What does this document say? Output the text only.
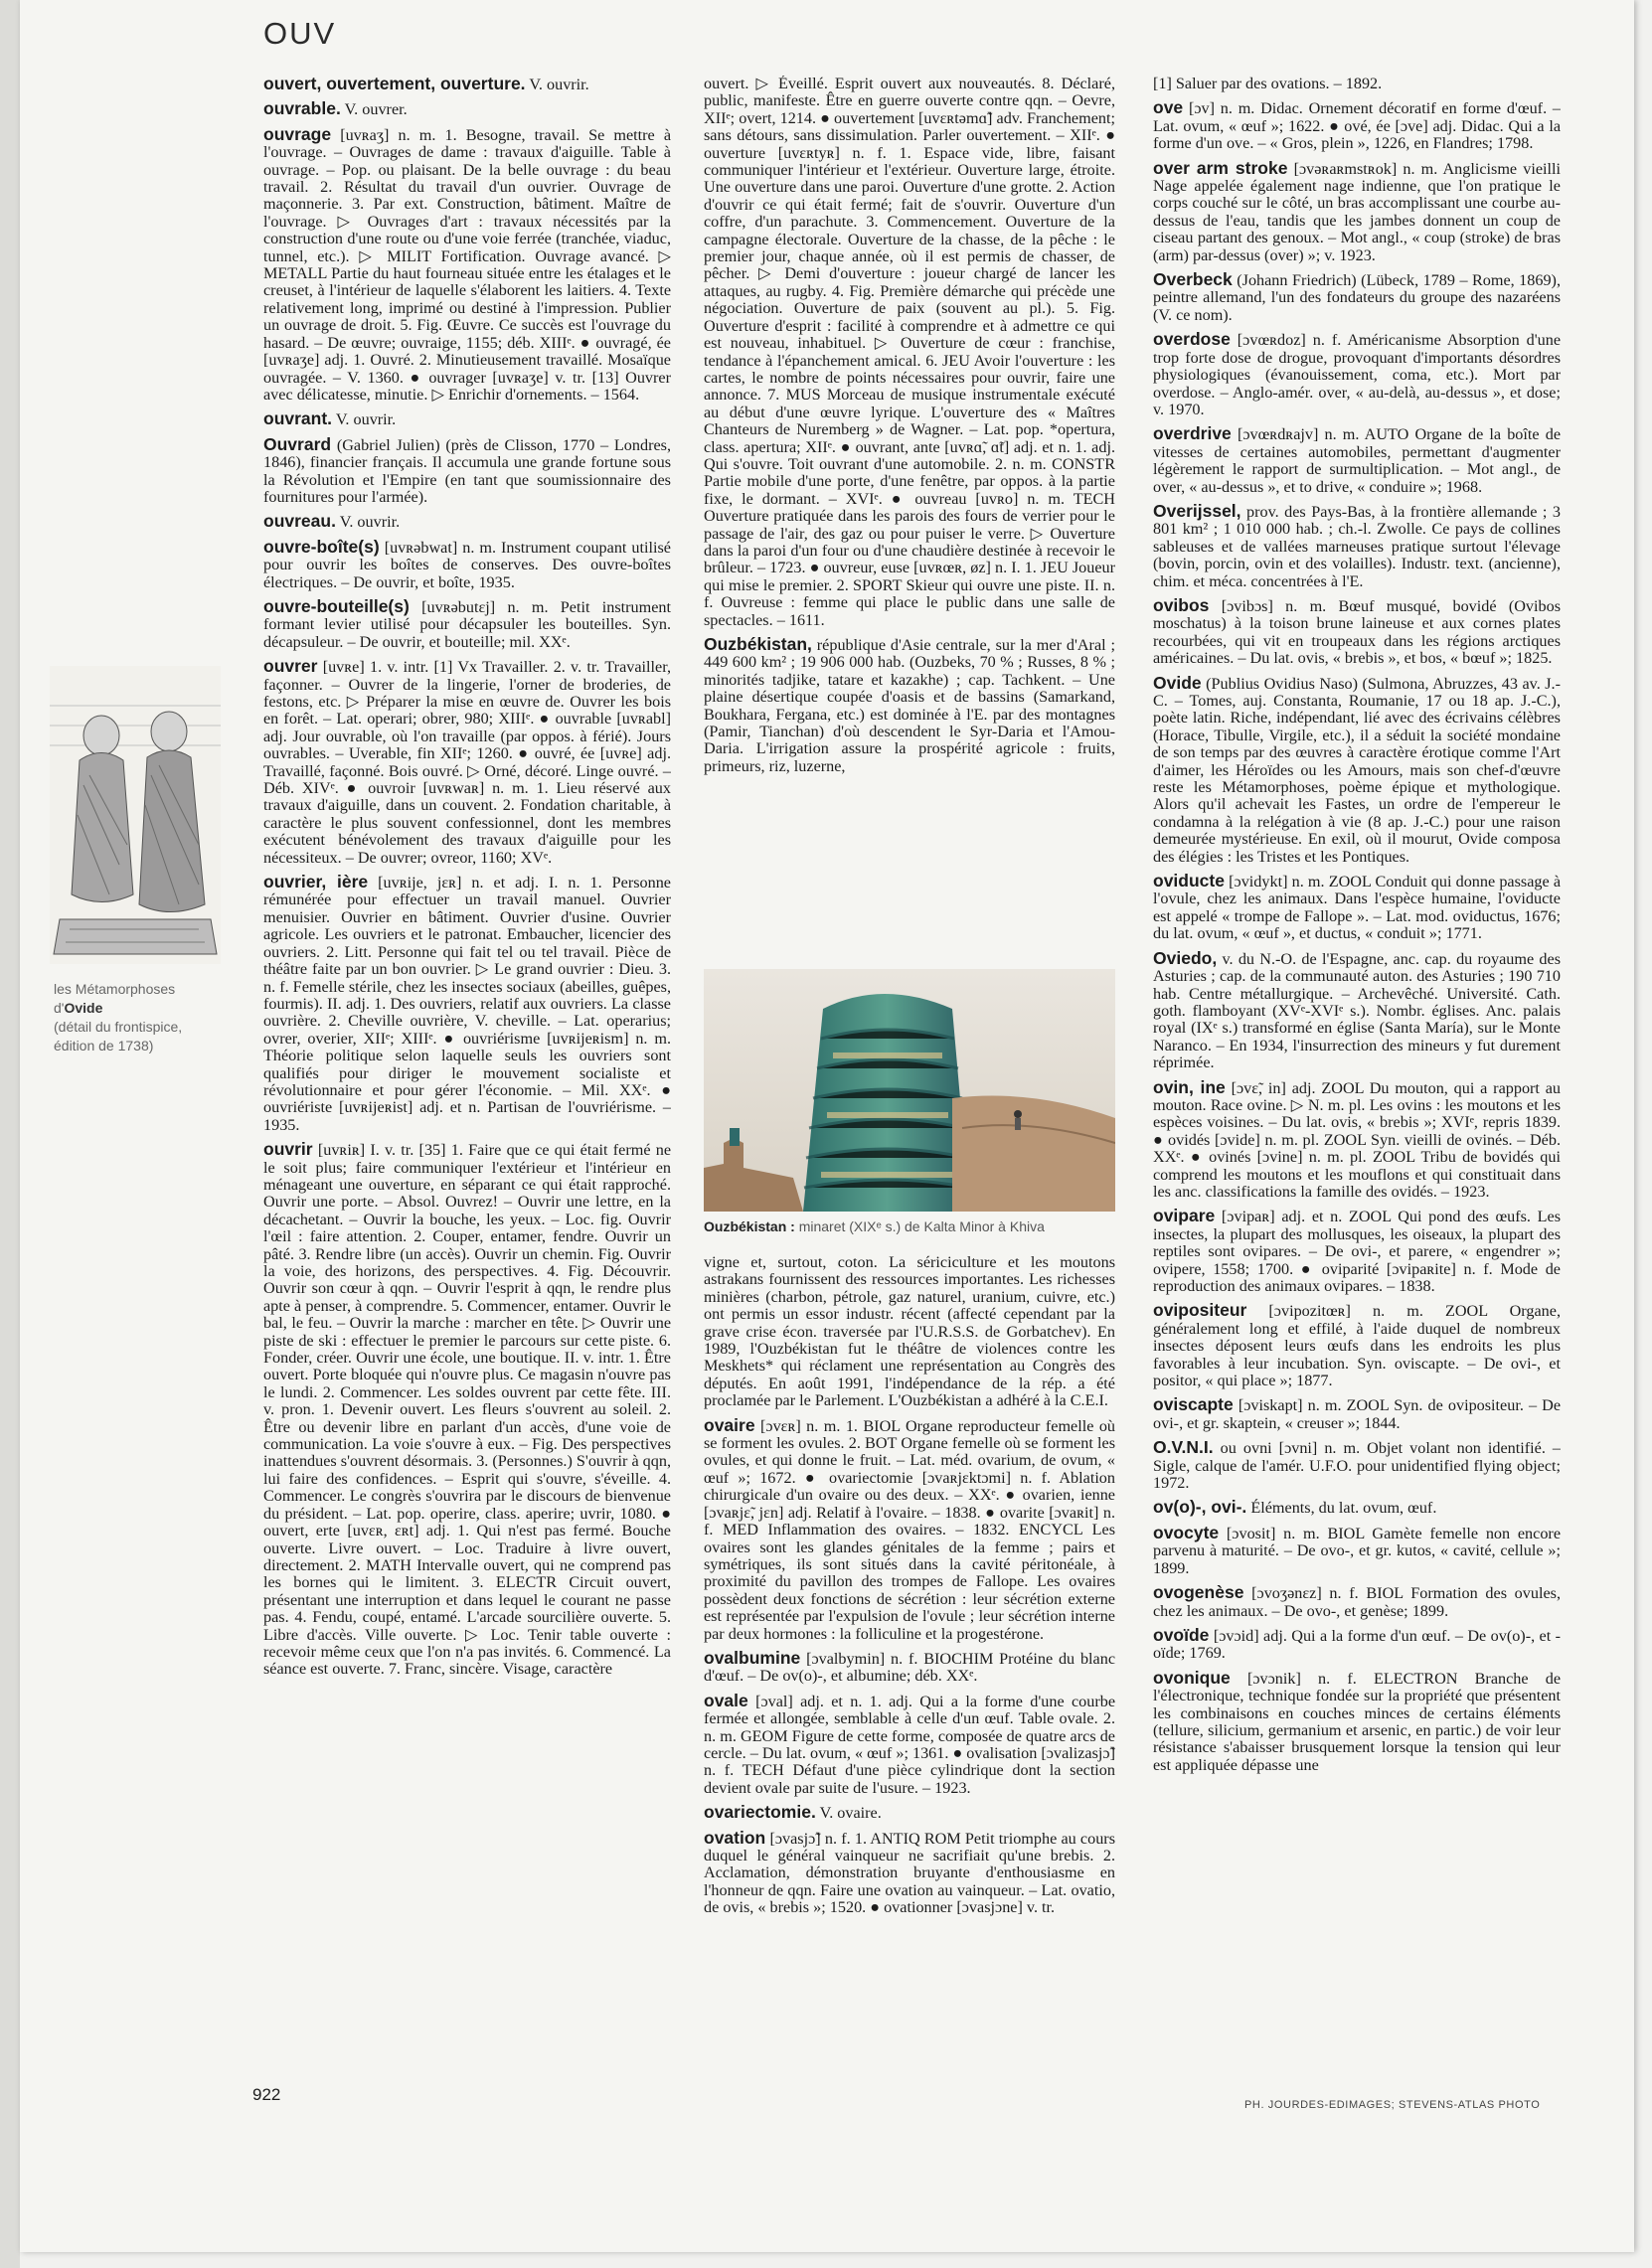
OUV
ouvert, ouvertement, ouverture. V. ouvrir.
ouvrable. V. ouvrer.
ouvrage [uvʀaʒ] n. m. 1. Besogne, travail. Se mettre à l'ouvrage. – Ouvrages de dame : travaux d'aiguille. Table à ouvrage. – Pop. ou plaisant. De la belle ouvrage : du beau travail. 2. Résultat du travail d'un ouvrier. Ouvrage de maçonnerie. 3. Par ext. Construction, bâtiment. Maître de l'ouvrage. ▷ Ouvrages d'art : travaux nécessités par la construction d'une route ou d'une voie ferrée (tranchée, viaduc, tunnel, etc.). ▷ MILIT Fortification. Ouvrage avancé. ▷ METALL Partie du haut fourneau située entre les étalages et le creuset, à l'intérieur de laquelle s'élaborent les laitiers. 4. Texte relativement long, imprimé ou destiné à l'impression. Publier un ouvrage de droit. 5. Fig. Œuvre. Ce succès est l'ouvrage du hasard. – De œuvre; ouvraige, 1155; déb. XIIIᵉ. ● ouvragé, ée [uvʀaʒe] adj. 1. Ouvré. 2. Minutieusement travaillé. Mosaïque ouvragée. – V. 1360. ● ouvrager [uvʀaʒe] v. tr. [13] Ouvrer avec délicatesse, minutie. ▷ Enrichir d'ornements. – 1564.
ouvrant. V. ouvrir.
Ouvrard (Gabriel Julien) (près de Clisson, 1770 – Londres, 1846), financier français. Il accumula une grande fortune sous la Révolution et l'Empire (en tant que soumissionnaire des fournitures pour l'armée).
ouvreau. V. ouvrir.
ouvre-boîte(s) [uvʀəbwat] n. m. Instrument coupant utilisé pour ouvrir les boîtes de conserves. Des ouvre-boîtes électriques. – De ouvrir, et boîte, 1935.
ouvre-bouteille(s) [uvʀəbutɛj] n. m. Petit instrument formant levier utilisé pour décapsuler les bouteilles. Syn. décapsuleur. – De ouvrir, et bouteille; mil. XXᵉ.
ouvrer [uvʀe] 1. v. intr. [1] Vx Travailler. 2. v. tr. Travailler, façonner. – Ouvrer de la lingerie, l'orner de broderies, de festons, etc. ▷ Préparer la mise en œuvre de. Ouvrer les bois en forêt. – Lat. operari; obrer, 980; XIIIᵉ. ● ouvrable [uvʀabl] adj. Jour ouvrable, où l'on travaille (par oppos. à férié). Jours ouvrables. – Uverable, fin XIIᵉ; 1260. ● ouvré, ée [uvʀe] adj. Travaillé, façonné. Bois ouvré. ▷ Orné, décoré. Linge ouvré. – Déb. XIVᵉ. ● ouvroir [uvʀwaʀ] n. m. 1. Lieu réservé aux travaux d'aiguille, dans un couvent. 2. Fondation charitable, à caractère le plus souvent confessionnel, dont les membres exécutent bénévolement des travaux d'aiguille pour les nécessiteux. – De ouvrer; ovreor, 1160; XVᵉ.
ouvrier, ière [uvʀije, jɛʀ] n. et adj. I. n. 1. Personne rémunérée pour effectuer un travail manuel. Ouvrier menuisier. Ouvrier en bâtiment. Ouvrier d'usine. Ouvrier agricole. Les ouvriers et le patronat. Embaucher, licencier des ouvriers. 2. Litt. Personne qui fait tel ou tel travail. Pièce de théâtre faite par un bon ouvrier. ▷ Le grand ouvrier : Dieu. 3. n. f. Femelle stérile, chez les insectes sociaux (abeilles, guêpes, fourmis). II. adj. 1. Des ouvriers, relatif aux ouvriers. La classe ouvrière. 2. Cheville ouvrière, V. cheville. – Lat. operarius; ovrer, overier, XIIᵉ; XIIIᵉ. ● ouvriérisme [uvʀijeʀism] n. m. Théorie politique selon laquelle seuls les ouvriers sont qualifiés pour diriger le mouvement socialiste et révolutionnaire et pour gérer l'économie. – Mil. XXᵉ. ● ouvriériste [uvʀijeʀist] adj. et n. Partisan de l'ouvriérisme. – 1935.
ouvrir [uvʀiʀ] I. v. tr. [35] 1. Faire que ce qui était fermé ne le soit plus; faire communiquer l'extérieur et l'intérieur en ménageant une ouverture, en séparant ce qui était rapproché. Ouvrir une porte. – Absol. Ouvrez! – Ouvrir une lettre, en la décachetant. – Ouvrir la bouche, les yeux. – Loc. fig. Ouvrir l'œil : faire attention. 2. Couper, entamer, fendre. Ouvrir un pâté. 3. Rendre libre (un accès). Ouvrir un chemin. Fig. Ouvrir la voie, des horizons, des perspectives. 4. Fig. Découvrir. Ouvrir son cœur à qqn. – Ouvrir l'esprit à qqn, le rendre plus apte à penser, à comprendre. 5. Commencer, entamer. Ouvrir le bal, le feu. – Ouvrir la marche : marcher en tête. ▷ Ouvrir une piste de ski : effectuer le premier le parcours sur cette piste. 6. Fonder, créer. Ouvrir une école, une boutique. II. v. intr. 1. Être ouvert. Porte bloquée qui n'ouvre plus. Ce magasin n'ouvre pas le lundi. 2. Commencer. Les soldes ouvrent par cette fête. III. v. pron. 1. Devenir ouvert. Les fleurs s'ouvrent au soleil. 2. Être ou devenir libre en parlant d'un accès, d'une voie de communication. La voie s'ouvre à eux. – Fig. Des perspectives inattendues s'ouvrent désormais. 3. (Personnes.) S'ouvrir à qqn, lui faire des confidences. – Esprit qui s'ouvre, s'éveille. 4. Commencer. Le congrès s'ouvrira par le discours de bienvenue du président. – Lat. pop. operire, class. aperire; uvrir, 1080. ● ouvert, erte [uvɛʀ, ɛʀt] adj. 1. Qui n'est pas fermé. Bouche ouverte. Livre ouvert. – Loc. Traduire à livre ouvert, directement. 2. MATH Intervalle ouvert, qui ne comprend pas les bornes qui le limitent. 3. ELECTR Circuit ouvert, présentant une interruption et dans lequel le courant ne passe pas. 4. Fendu, coupé, entamé. L'arcade sourcilière ouverte. 5. Libre d'accès. Ville ouverte. ▷ Loc. Tenir table ouverte : recevoir même ceux que l'on n'a pas invités. 6. Commencé. La séance est ouverte. 7. Franc, sincère. Visage, caractère
ouvert. ▷ Éveillé. Esprit ouvert aux nouveautés. 8. Déclaré, public, manifeste. Être en guerre ouverte contre qqn. – Oevre, XIIᵉ; overt, 1214. ● ouvertement [uvɛʀtəmɑ̃] adv. Franchement; sans détours, sans dissimulation. Parler ouvertement. – XIIᵉ. ● ouverture [uvɛʀtyʀ] n. f. 1. Espace vide, libre, faisant communiquer l'intérieur et l'extérieur. Ouverture large, étroite. Une ouverture dans une paroi. Ouverture d'une grotte. 2. Action d'ouvrir ce qui était fermé; fait de s'ouvrir. Ouverture d'un coffre, d'un parachute. 3. Commencement. Ouverture de la campagne électorale. Ouverture de la chasse, de la pêche : le premier jour, chaque année, où il est permis de chasser, de pêcher. ▷ Demi d'ouverture : joueur chargé de lancer les attaques, au rugby. 4. Fig. Première démarche qui précède une négociation. Ouverture de paix (souvent au pl.). 5. Fig. Ouverture d'esprit : facilité à comprendre et à admettre ce qui est nouveau, inhabituel. ▷ Ouverture de cœur : franchise, tendance à l'épanchement amical. 6. JEU Avoir l'ouverture : les cartes, le nombre de points nécessaires pour ouvrir, faire une annonce. 7. MUS Morceau de musique instrumentale exécuté au début d'une œuvre lyrique. L'ouverture des « Maîtres Chanteurs de Nuremberg » de Wagner. – Lat. pop. *opertura, class. apertura; XIIᵉ. ● ouvrant, ante [uvʀɑ̃, ɑ̃t] adj. et n. 1. adj. Qui s'ouvre. Toit ouvrant d'une automobile. 2. n. m. CONSTR Partie mobile d'une porte, d'une fenêtre, par oppos. à la partie fixe, le dormant. – XVIᵉ. ● ouvreau [uvʀo] n. m. TECH Ouverture pratiquée dans les parois des fours de verrier pour le passage de l'air, des gaz ou pour puiser le verre. ▷ Ouverture dans la paroi d'un four ou d'une chaudière destinée à recevoir le brûleur. – 1723. ● ouvreur, euse [uvʀœʀ, øz] n. I. 1. JEU Joueur qui mise le premier. 2. SPORT Skieur qui ouvre une piste. II. n. f. Ouvreuse : femme qui place le public dans une salle de spectacles. – 1611.
Ouzbékistan, république d'Asie centrale, sur la mer d'Aral ; 449 600 km² ; 19 906 000 hab. (Ouzbeks, 70 % ; Russes, 8 % ; minorités tadjike, tatare et kazakhe) ; cap. Tachkent. – Une plaine désertique coupée d'oasis et de bassins (Samarkand, Boukhara, Fergana, etc.) est dominée à l'E. par des montagnes (Pamir, Tianchan) d'où descendent le Syr-Daria et l'Amou-Daria. L'irrigation assure la prospérité agricole : fruits, primeurs, riz, luzerne,
vigne et, surtout, coton. La sériciculture et les moutons astrakans fournissent des ressources importantes. Les richesses minières (charbon, pétrole, gaz naturel, uranium, cuivre, etc.) ont permis un essor industr. récent (affecté cependant par la grave crise écon. traversée par l'U.R.S.S. de Gorbatchev). En 1989, l'Ouzbékistan fut le théâtre de violences contre les Meskhets* qui réclament une représentation au Congrès des députés. En août 1991, l'indépendance de la rép. a été proclamée par le Parlement. L'Ouzbékistan a adhéré à la C.E.I.
ovaire [ɔvɛʀ] n. m. 1. BIOL Organe reproducteur femelle où se forment les ovules. 2. BOT Organe femelle où se forment les ovules, et qui donne le fruit. – Lat. méd. ovarium, de ovum, « œuf »; 1672. ● ovariectomie [ɔvaʀjɛktɔmi] n. f. Ablation chirurgicale d'un ovaire ou des deux. – XXᵉ. ● ovarien, ienne [ɔvaʀjɛ̃, jɛn] adj. Relatif à l'ovaire. – 1838. ● ovarite [ɔvaʀit] n. f. MED Inflammation des ovaires. – 1832. ENCYCL Les ovaires sont les glandes génitales de la femme ; pairs et symétriques, ils sont situés dans la cavité péritonéale, à proximité du pavillon des trompes de Fallope. Les ovaires possèdent deux fonctions de sécrétion : leur sécrétion externe est représentée par l'expulsion de l'ovule ; leur sécrétion interne par deux hormones : la folliculine et la progestérone.
ovalbumine [ɔvalbymin] n. f. BIOCHIM Protéine du blanc d'œuf. – De ov(o)-, et albumine; déb. XXᵉ.
ovale [ɔval] adj. et n. 1. adj. Qui a la forme d'une courbe fermée et allongée, semblable à celle d'un œuf. Table ovale. 2. n. m. GEOM Figure de cette forme, composée de quatre arcs de cercle. – Du lat. ovum, « œuf »; 1361. ● ovalisation [ɔvalizasjɔ̃] n. f. TECH Défaut d'une pièce cylindrique dont la section devient ovale par suite de l'usure. – 1923.
ovariectomie. V. ovaire.
ovation [ɔvasjɔ̃] n. f. 1. ANTIQ ROM Petit triomphe au cours duquel le général vainqueur ne sacrifiait qu'une brebis. 2. Acclamation, démonstration bruyante d'enthousiasme en l'honneur de qqn. Faire une ovation au vainqueur. – Lat. ovatio, de ovis, « brebis »; 1520. ● ovationner [ɔvasjɔne] v. tr.
[1] Saluer par des ovations. – 1892.
ove [ɔv] n. m. Didac. Ornement décoratif en forme d'œuf. – Lat. ovum, « œuf »; 1622. ● ové, ée [ɔve] adj. Didac. Qui a la forme d'un ove. – « Gros, plein », 1226, en Flandres; 1798.
over arm stroke [ɔvəʀaʀmstʀok] n. m. Anglicisme vieilli Nage appelée également nage indienne, que l'on pratique le corps couché sur le côté, un bras accomplissant une courbe au-dessus de l'eau, tandis que les jambes donnent un coup de ciseau partant des genoux. – Mot angl., « coup (stroke) de bras (arm) par-dessus (over) »; v. 1923.
Overbeck (Johann Friedrich) (Lübeck, 1789 – Rome, 1869), peintre allemand, l'un des fondateurs du groupe des nazaréens (V. ce nom).
overdose [ɔvœʀdoz] n. f. Américanisme Absorption d'une trop forte dose de drogue, provoquant d'importants désordres physiologiques (évanouissement, coma, etc.). Mort par overdose. – Anglo-amér. over, « au-delà, au-dessus », et dose; v. 1970.
overdrive [ɔvœʀdʀajv] n. m. AUTO Organe de la boîte de vitesses de certaines automobiles, permettant d'augmenter légèrement le rapport de surmultiplication. – Mot angl., de over, « au-dessus », et to drive, « conduire »; 1968.
Overijssel, prov. des Pays-Bas, à la frontière allemande ; 3 801 km² ; 1 010 000 hab. ; ch.-l. Zwolle. Ce pays de collines sableuses et de vallées marneuses pratique surtout l'élevage (bovin, porcin, ovin et des volailles). Industr. text. (ancienne), chim. et méca. concentrées à l'E.
ovibos [ɔvibɔs] n. m. Bœuf musqué, bovidé (Ovibos moschatus) à la toison brune laineuse et aux cornes plates recourbées, qui vit en troupeaux dans les régions arctiques américaines. – Du lat. ovis, « brebis », et bos, « bœuf »; 1825.
Ovide (Publius Ovidius Naso) (Sulmona, Abruzzes, 43 av. J.-C. – Tomes, auj. Constanta, Roumanie, 17 ou 18 ap. J.-C.), poète latin. Riche, indépendant, lié avec des écrivains célèbres (Horace, Tibulle, Virgile, etc.), il a séduit la société mondaine de son temps par des œuvres à caractère érotique comme l'Art d'aimer, les Héroïdes ou les Amours, mais son chef-d'œuvre reste les Métamorphoses, poème épique et mythologique. Alors qu'il achevait les Fastes, un ordre de l'empereur le condamna à la relégation à vie (8 ap. J.-C.) pour une raison demeurée mystérieuse. En exil, où il mourut, Ovide composa des élégies : les Tristes et les Pontiques.
oviducte [ɔvidykt] n. m. ZOOL Conduit qui donne passage à l'ovule, chez les animaux. Dans l'espèce humaine, l'oviducte est appelé « trompe de Fallope ». – Lat. mod. oviductus, 1676; du lat. ovum, « œuf », et ductus, « conduit »; 1771.
Oviedo, v. du N.-O. de l'Espagne, anc. cap. du royaume des Asturies ; cap. de la communauté auton. des Asturies ; 190 710 hab. Centre métallurgique. – Archevêché. Université. Cath. goth. flamboyant (XVᵉ-XVIᵉ s.). Nombr. églises. Anc. palais royal (IXᵉ s.) transformé en église (Santa María), sur le Monte Naranco. – En 1934, l'insurrection des mineurs y fut durement réprimée.
ovin, ine [ɔvɛ̃, in] adj. ZOOL Du mouton, qui a rapport au mouton. Race ovine. ▷ N. m. pl. Les ovins : les moutons et les espèces voisines. – Du lat. ovis, « brebis »; XVIᵉ, repris 1839. ● ovidés [ɔvide] n. m. pl. ZOOL Syn. vieilli de ovinés. – Déb. XXᵉ. ● ovinés [ɔvine] n. m. pl. ZOOL Tribu de bovidés qui comprend les moutons et les mouflons et qui constituait dans les anc. classifications la famille des ovidés. – 1923.
ovipare [ɔvipaʀ] adj. et n. ZOOL Qui pond des œufs. Les insectes, la plupart des mollusques, les oiseaux, la plupart des reptiles sont ovipares. – De ovi-, et parere, « engendrer »; ovipere, 1558; 1700. ● oviparité [ɔvipaʀite] n. f. Mode de reproduction des animaux ovipares. – 1838.
ovipositeur [ɔvipozitœʀ] n. m. ZOOL Organe, généralement long et effilé, à l'aide duquel de nombreux insectes déposent leurs œufs dans les endroits les plus favorables à leur incubation. Syn. oviscapte. – De ovi-, et positor, « qui place »; 1877.
oviscapte [ɔviskapt] n. m. ZOOL Syn. de ovipositeur. – De ovi-, et gr. skaptein, « creuser »; 1844.
O.V.N.I. ou ovni [ɔvni] n. m. Objet volant non identifié. – Sigle, calque de l'amér. U.F.O. pour unidentified flying object; 1972.
ov(o)-, ovi-. Éléments, du lat. ovum, œuf.
ovocyte [ɔvosit] n. m. BIOL Gamète femelle non encore parvenu à maturité. – De ovo-, et gr. kutos, « cavité, cellule »; 1899.
ovogenèse [ɔvoʒənɛz] n. f. BIOL Formation des ovules, chez les animaux. – De ovo-, et genèse; 1899.
ovoïde [ɔvɔid] adj. Qui a la forme d'un œuf. – De ov(o)-, et -oïde; 1769.
ovonique [ɔvɔnik] n. f. ELECTRON Branche de l'électronique, technique fondée sur la propriété que présentent les combinaisons en couches minces de certains éléments (tellure, silicium, germanium et arsenic, en partic.) de voir leur résistance s'abaisser brusquement lorsque la tension qui leur est appliquée dépasse une
les Métamorphoses
d'Ovide
(détail du frontispice,
édition de 1738)
Ouzbékistan : minaret (XIXᵉ s.) de Kalta Minor à Khiva
922
PH. JOURDES-EDIMAGES; STEVENS-ATLAS PHOTO
